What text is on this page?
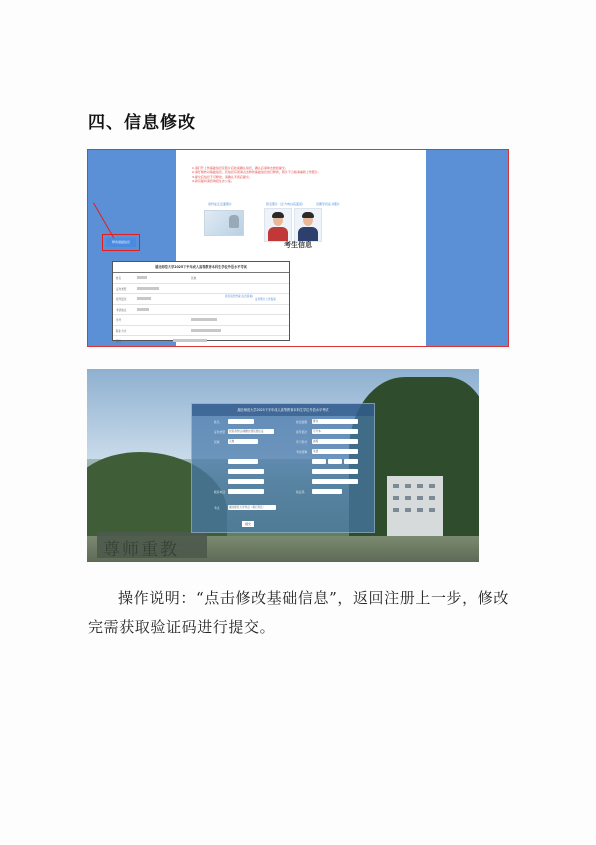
四、信息修改
1.请打开上传基础信息及照片后检查确认信息，确认后请单击按钮提交。
2.请仔细核对基础信息，若信息有误请点击修改基础信息进行修改，照片不合格请重新上传照片。
3.提交后信息不可修改，请确认无误后提交。
4.如有疑问请咨询招生办公室。
身份证正反面照片	报名照片（正方向白底蓝底）	近期学历证书照片
修改基础信息	考生信息
湖北师范大学2025下半年成人高等教育本科生学位外语水平考试
姓名	民族
证件类型
报考层次
报名信息核查(点击查看)
证件照片上传指南
考试地点
学号
联系方式
照片
尊师重教
湖北师范大学2025下半年成人高等教育本科生学位外语水平考试
姓名	政治面貌	群众
证件类型	居民身份证/港澳台居民居住证	报考层次	专升本
民族	汉族	学习形式	函授
考试语种	英语
联系电话	验证码
考点	湖北师范大学考点（黄石考区）
提交
操作说明：“点击修改基础信息”，返回注册上一步，修改完需获取验证码进行提交。
